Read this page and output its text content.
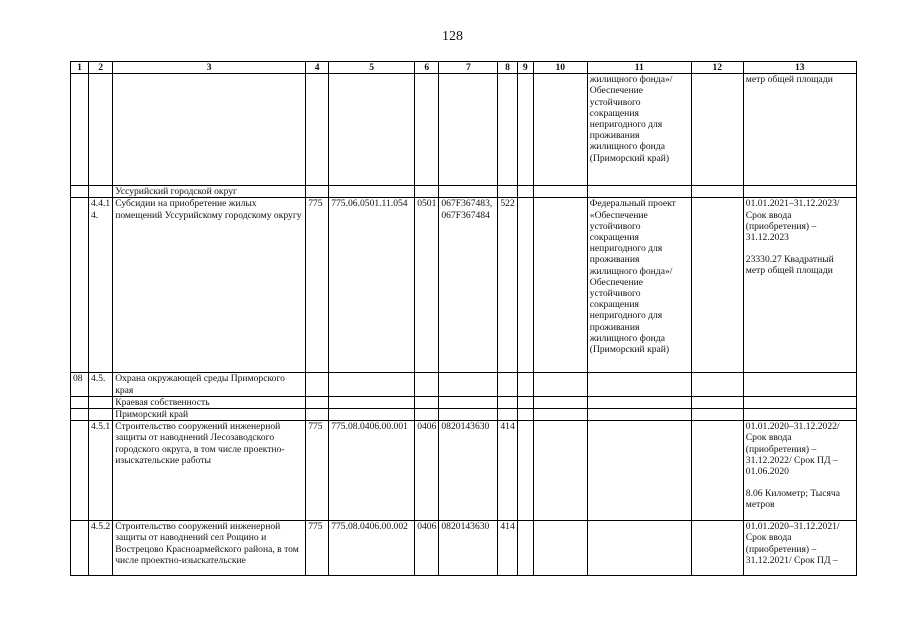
128
1	2	3	4	5	6	7	8	9	10	11	12	13
										жилищного фонда»/Обеспечение устойчивого сокращения непригодного для проживания жилищного фонда (Приморский край)		метр общей площади
		Уссурийский городской округ										
	4.4.1 4.	Субсидии на приобретение жилых помещений Уссурийскому городскому округу	775	775.06.0501.11.054	0501	067F367483, 067F367484	522			Федеральный проект «Обеспечение устойчивого сокращения непригодного для проживания жилищного фонда»/Обеспечение устойчивого сокращения непригодного для проживания жилищного фонда (Приморский край)		01.01.2021–31.12.2023/ Срок ввода (приобретения) – 31.12.2023
23330.27 Квадратный метр общей площади

08	4.5.	Охрана окружающей среды Приморского края										
		Краевая собственность										
		Приморский край										
	4.5.1	Строительство сооружений инженерной защиты от наводнений Лесозаводского городского округа, в том числе проектно-изыскательские работы	775	775.08.0406.00.001	0406	0820143630	414					01.01.2020–31.12.2022/ Срок ввода (приобретения) – 31.12.2022/ Срок ПД – 01.06.2020
8.06 Километр; Тысяча метров

	4.5.2	Строительство сооружений инженерной защиты от наводнений сел Рощино и Вострецово Красноармейского района, в том числе проектно-изыскательские	775	775.08.0406.00.002	0406	0820143630	414					01.01.2020–31.12.2021/ Срок ввода (приобретения) – 31.12.2021/ Срок ПД –
